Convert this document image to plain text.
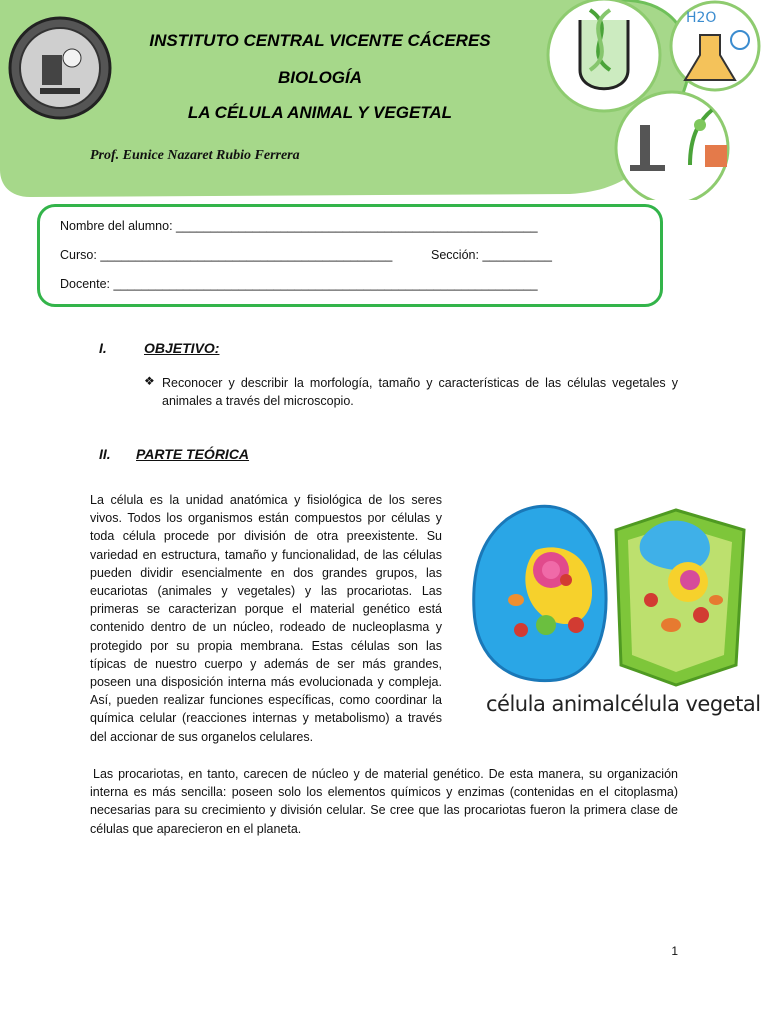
H2O
INSTITUTO CENTRAL VICENTE CÁCERES
BIOLOGÍA
LA CÉLULA ANIMAL Y VEGETAL
Prof. Eunice Nazaret Rubio Ferrera
Nombre del alumno: ____________________________________________________
Curso: __________________________________________	Sección: __________
Docente: _____________________________________________________________
I.	OBJETIVO:
❖ Reconocer y describir la morfología, tamaño y características de las células vegetales y animales a través del microscopio.
II. PARTE TEÓRICA
La célula es la unidad anatómica y fisiológica de los seres vivos. Todos los organismos están compuestos por células y toda célula procede por división de otra preexistente. Su variedad en estructura, tamaño y funcionalidad, de las células pueden dividir esencialmente en dos grandes grupos, las eucariotas (animales y vegetales) y las procariotas. Las primeras se caracterizan porque el material genético está contenido dentro de un núcleo, rodeado de nucleoplasma y protegido por su propia membrana. Estas células son las típicas de nuestro cuerpo y además de ser más grandes, poseen una disposición interna más evolucionada y compleja. Así, pueden realizar funciones específicas, como coordinar la química celular (reacciones internas y metabolismo) a través del accionar de sus organelos celulares.
célula animal célula vegetal
Las procariotas, en tanto, carecen de núcleo y de material genético. De esta manera, su organización interna es más sencilla: poseen solo los elementos químicos y enzimas (contenidas en el citoplasma) necesarias para su crecimiento y división celular. Se cree que las procariotas fueron la primera clase de células que aparecieron en el planeta.
1
